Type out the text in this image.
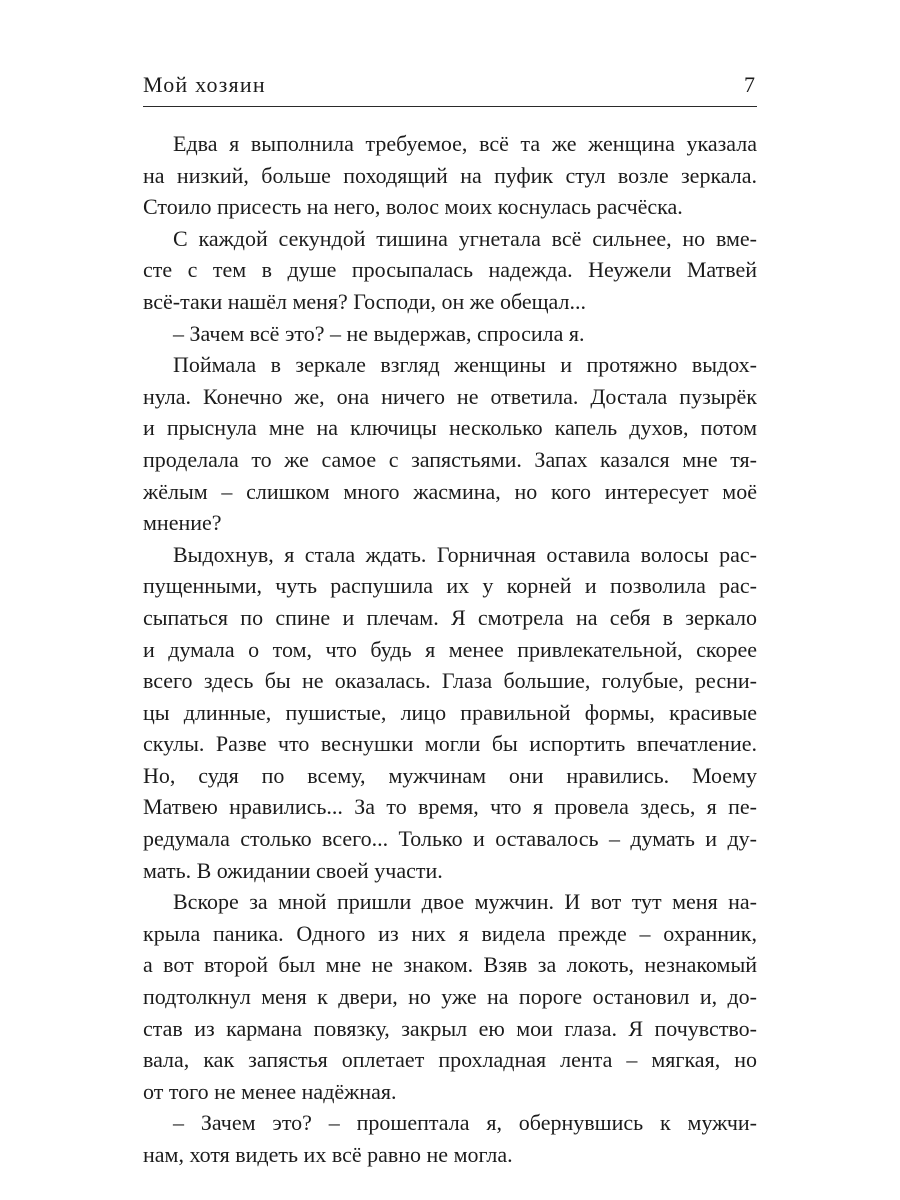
Мой хозяин	7
Едва я выполнила требуемое, всё та же женщина указала
на низкий, больше походящий на пуфик стул возле зеркала.
Стоило присесть на него, волос моих коснулась расчёска.
С каждой секундой тишина угнетала всё сильнее, но вме-
сте с тем в душе просыпалась надежда. Неужели Матвей
всё-таки нашёл меня? Господи, он же обещал...
– Зачем всё это? – не выдержав, спросила я.
Поймала в зеркале взгляд женщины и протяжно выдох-
нула. Конечно же, она ничего не ответила. Достала пузырёк
и прыснула мне на ключицы несколько капель духов, потом
проделала то же самое с запястьями. Запах казался мне тя-
жёлым – слишком много жасмина, но кого интересует моё
мнение?
Выдохнув, я стала ждать. Горничная оставила волосы рас-
пущенными, чуть распушила их у корней и позволила рас-
сыпаться по спине и плечам. Я смотрела на себя в зеркало
и думала о том, что будь я менее привлекательной, скорее
всего здесь бы не оказалась. Глаза большие, голубые, ресни-
цы длинные, пушистые, лицо правильной формы, красивые
скулы. Разве что веснушки могли бы испортить впечатление.
Но, судя по всему, мужчинам они нравились. Моему
Матвею нравились... За то время, что я провела здесь, я пе-
редумала столько всего... Только и оставалось – думать и ду-
мать. В ожидании своей участи.
Вскоре за мной пришли двое мужчин. И вот тут меня на-
крыла паника. Одного из них я видела прежде – охранник,
а вот второй был мне не знаком. Взяв за локоть, незнакомый
подтолкнул меня к двери, но уже на пороге остановил и, до-
став из кармана повязку, закрыл ею мои глаза. Я почувство-
вала, как запястья оплетает прохладная лента – мягкая, но
от того не менее надёжная.
– Зачем это? – прошептала я, обернувшись к мужчи-
нам, хотя видеть их всё равно не могла.
